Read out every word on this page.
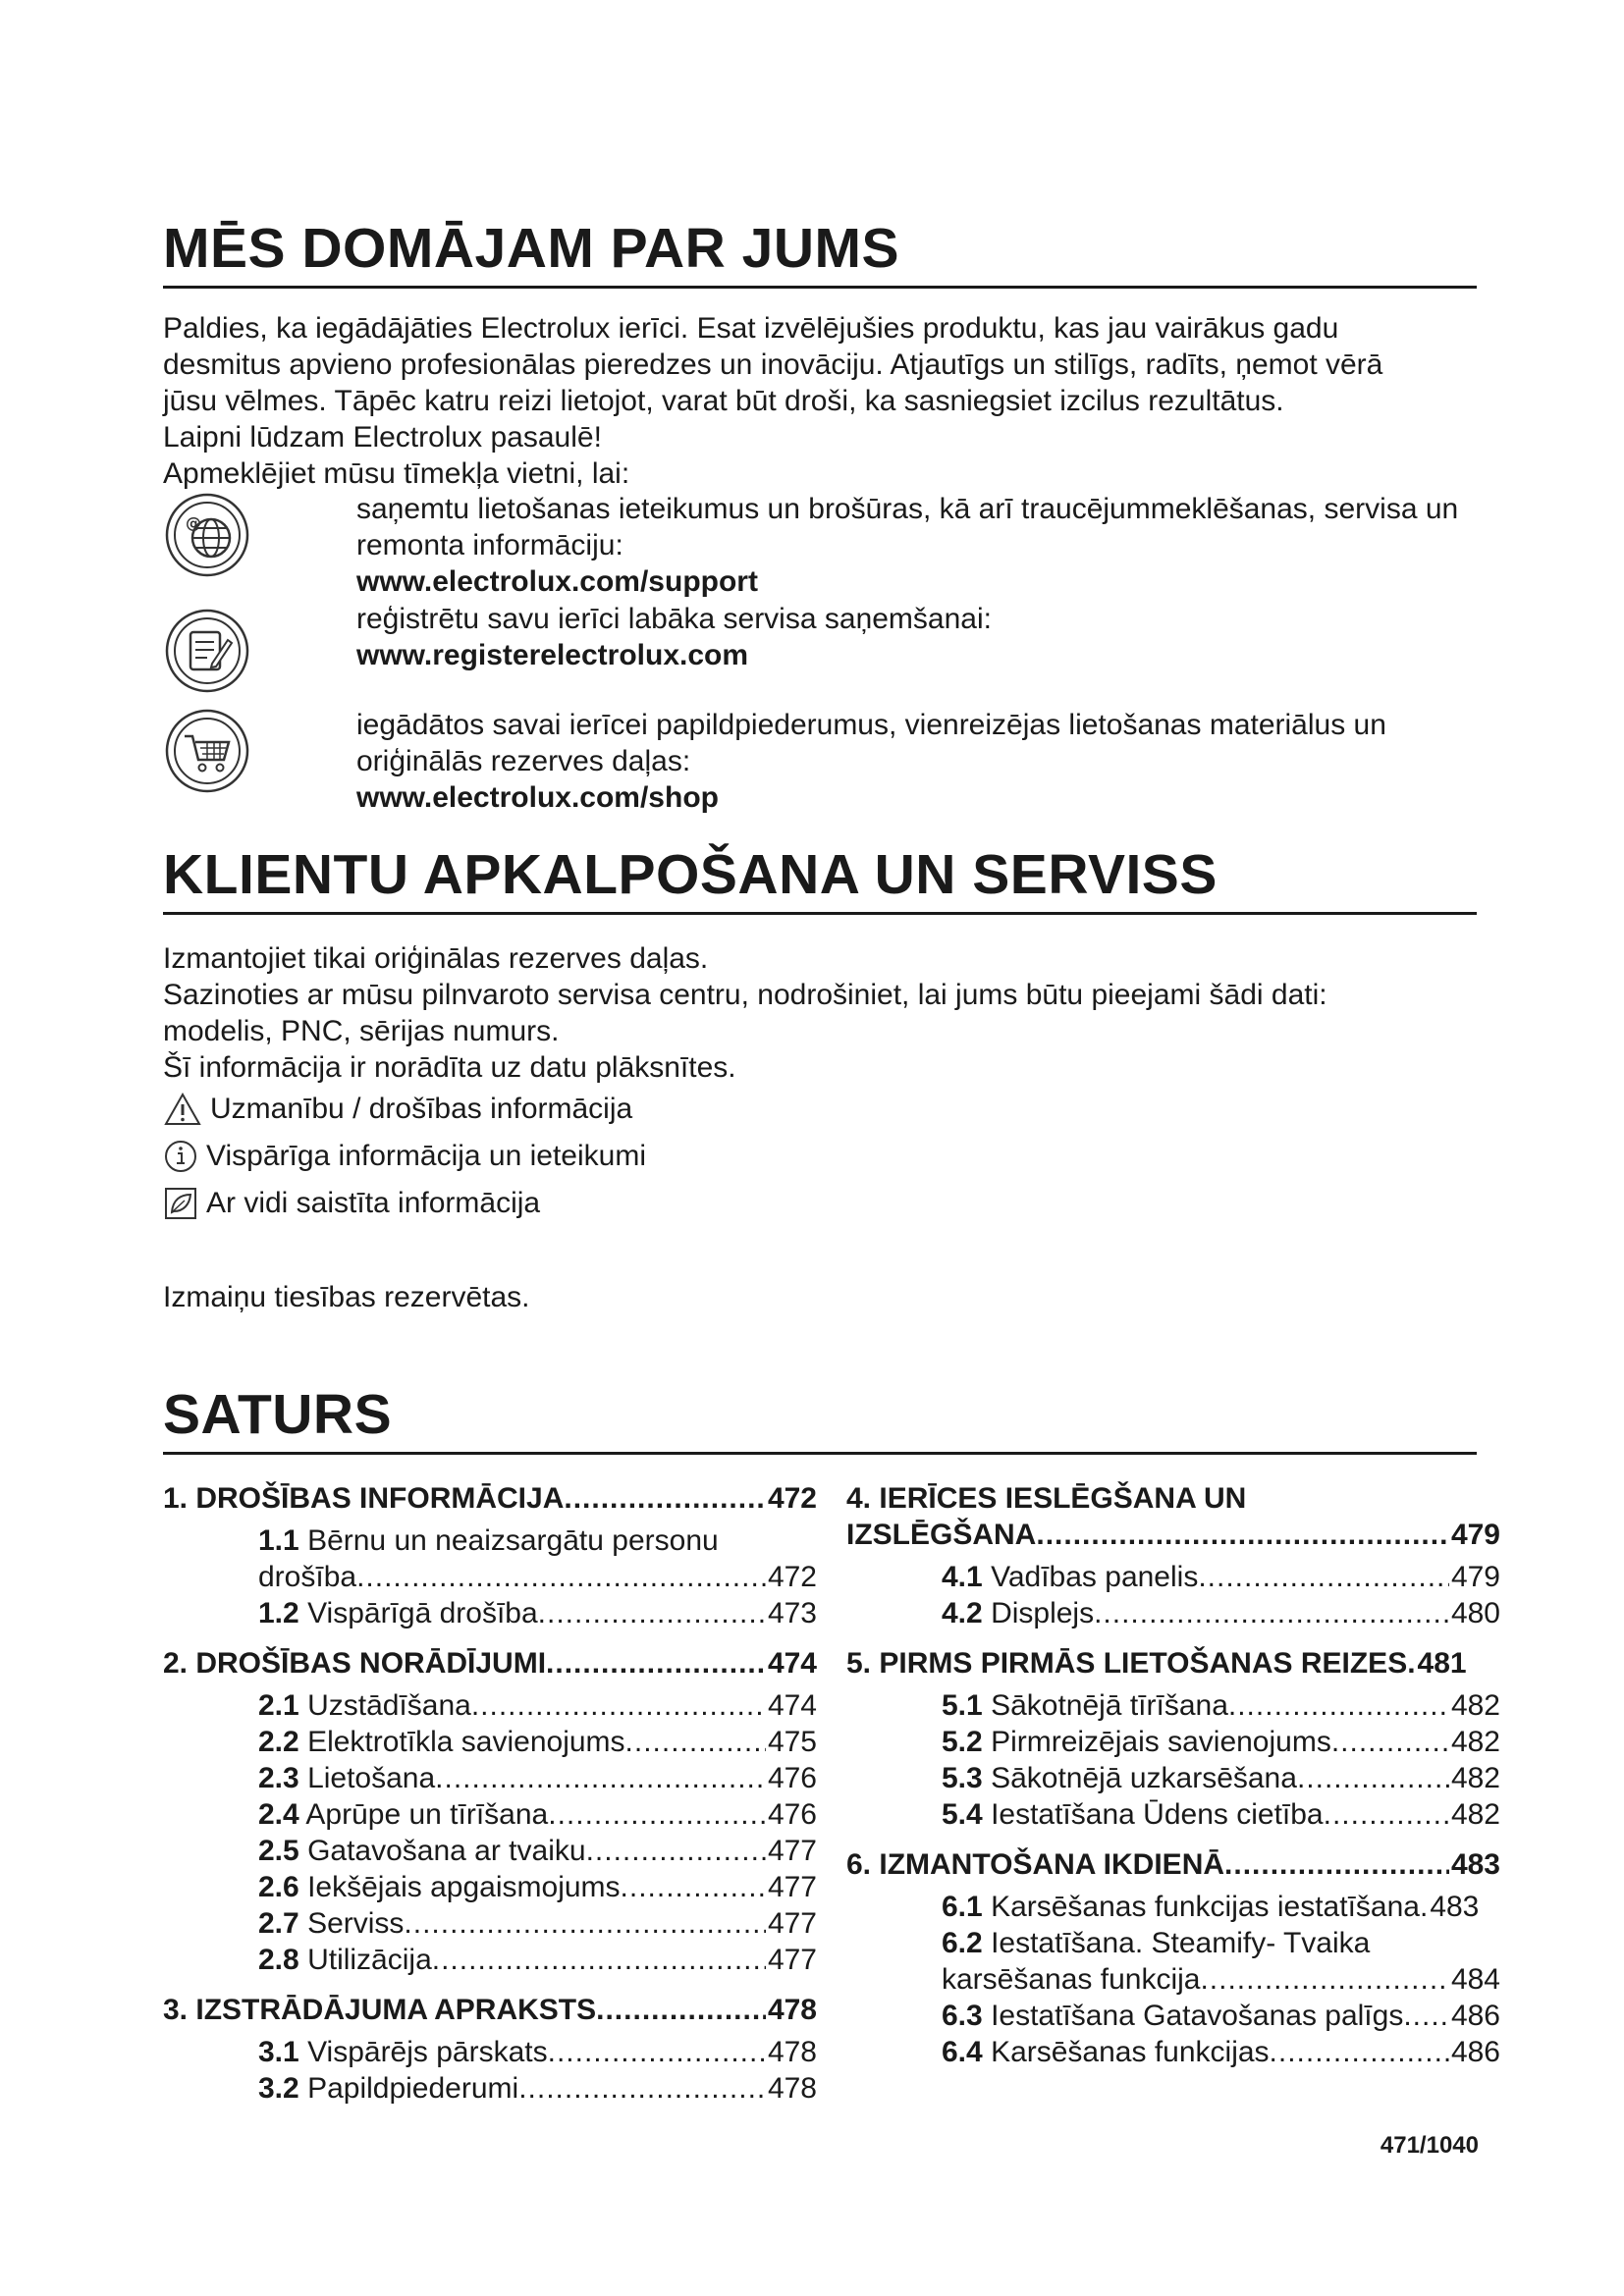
MĒS DOMĀJAM PAR JUMS

Paldies, ka iegādājāties Electrolux ierīci. Esat izvēlējušies produktu, kas jau vairākus gadu

desmitus apvieno profesionālas pieredzes un inovāciju. Atjautīgs un stilīgs, radīts, ņemot vērā

jūsu vēlmes. Tāpēc katru reizi lietojot, varat būt droši, ka sasniegsiet izcilus rezultātus.

Laipni lūdzam Electrolux pasaulē!

Apmeklējiet mūsu tīmekļa vietni, lai:

@	saņemtu lietošanas ieteikumus un brošūras, kā arī traucējummeklēšanas, servisa un
remonta informāciju:
www.electrolux.com/support
reģistrētu savu ierīci labāka servisa saņemšanai:
www.registerelectrolux.com
iegādātos savai ierīcei papildpiederumus, vienreizējas lietošanas materiālus un
oriģinālās rezerves daļas:
www.electrolux.com/shop
KLIENTU APKALPOŠANA UN SERVISS

Izmantojiet tikai oriģinālas rezerves daļas.

Sazinoties ar mūsu pilnvaroto servisa centru, nodrošiniet, lai jums būtu pieejami šādi dati:

modelis, PNC, sērijas numurs.

Šī informācija ir norādīta uz datu plāksnītes.

Uzmanību / drošības informācija
Vispārīga informācija un ieteikumi
Ar vidi saistīta informācija
Izmaiņu tiesības rezervētas.
SATURS
1. DROŠĪBAS INFORMĀCIJA .....	472
1.1 Bērnu un neaizsargātu personu
drošība .....	472
1.2 Vispārīgā drošība .....	473
2. DROŠĪBAS NORĀDĪJUMI .....	474
2.1 Uzstādīšana .....	474
2.2 Elektrotīkla savienojums .....	475
2.3 Lietošana .....	476
2.4 Aprūpe un tīrīšana .....	476
2.5 Gatavošana ar tvaiku .....	477
2.6 Iekšējais apgaismojums .....	477
2.7 Serviss .....	477
2.8 Utilizācija .....	477
3. IZSTRĀDĀJUMA APRAKSTS .....	478
3.1 Vispārējs pārskats .....	478
3.2 Papildpiederumi .....	478
4. IERĪCES IESLĒGŠANA UN
IZSLĒGŠANA .....	479
4.1 Vadības panelis .....	479
4.2 Displejs .....	480
5. PIRMS PIRMĀS LIETOŠANAS REIZES . 481
5.1 Sākotnējā tīrīšana .....	482
5.2 Pirmreizējais savienojums .....	482
5.3 Sākotnējā uzkarsēšana .....	482
5.4 Iestatīšana Ūdens cietība .....	482
6. IZMANTOŠANA IKDIENĀ .....	483
6.1 Karsēšanas funkcijas iestatīšana . 483
6.2 Iestatīšana. Steamify- Tvaika
karsēšanas funkcija .....	484
6.3 Iestatīšana Gatavošanas palīgs ..... 486
6.4 Karsēšanas funkcijas .....	486
471/1040
